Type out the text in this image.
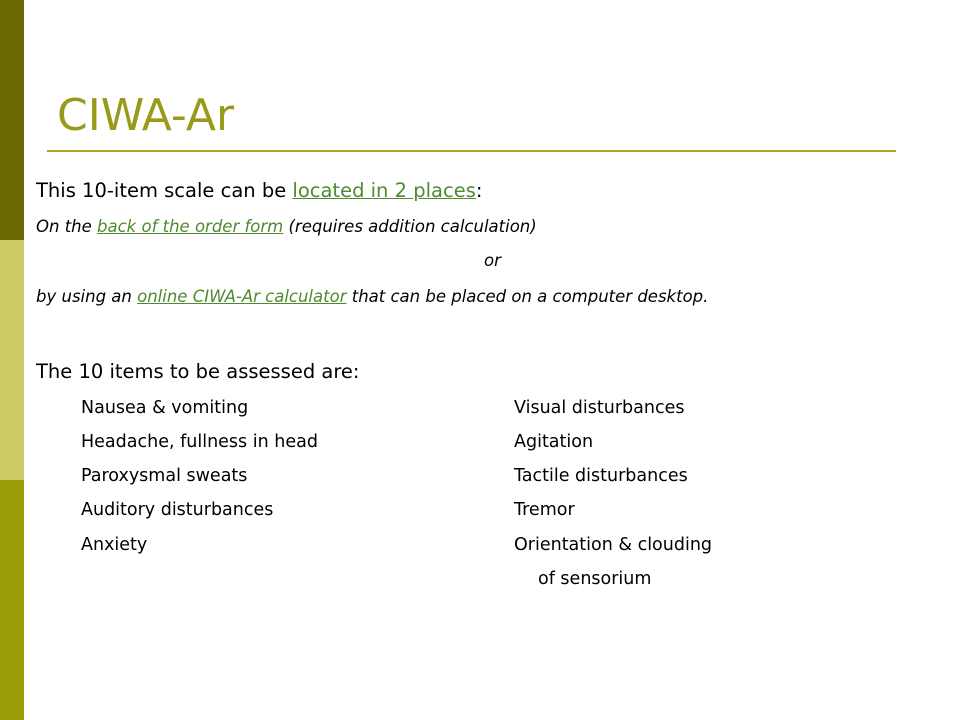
CIWA-Ar
This 10-item scale can be located in 2 places:
On the back of the order form (requires addition calculation)
or
by using an online CIWA-Ar calculator that can be placed on a computer desktop.
The 10 items to be assessed are:
Nausea & vomiting
Headache, fullness in head
Paroxysmal sweats
Auditory disturbances
Anxiety
Visual disturbances
Agitation
Tactile disturbances
Tremor
Orientation & clouding
of sensorium
